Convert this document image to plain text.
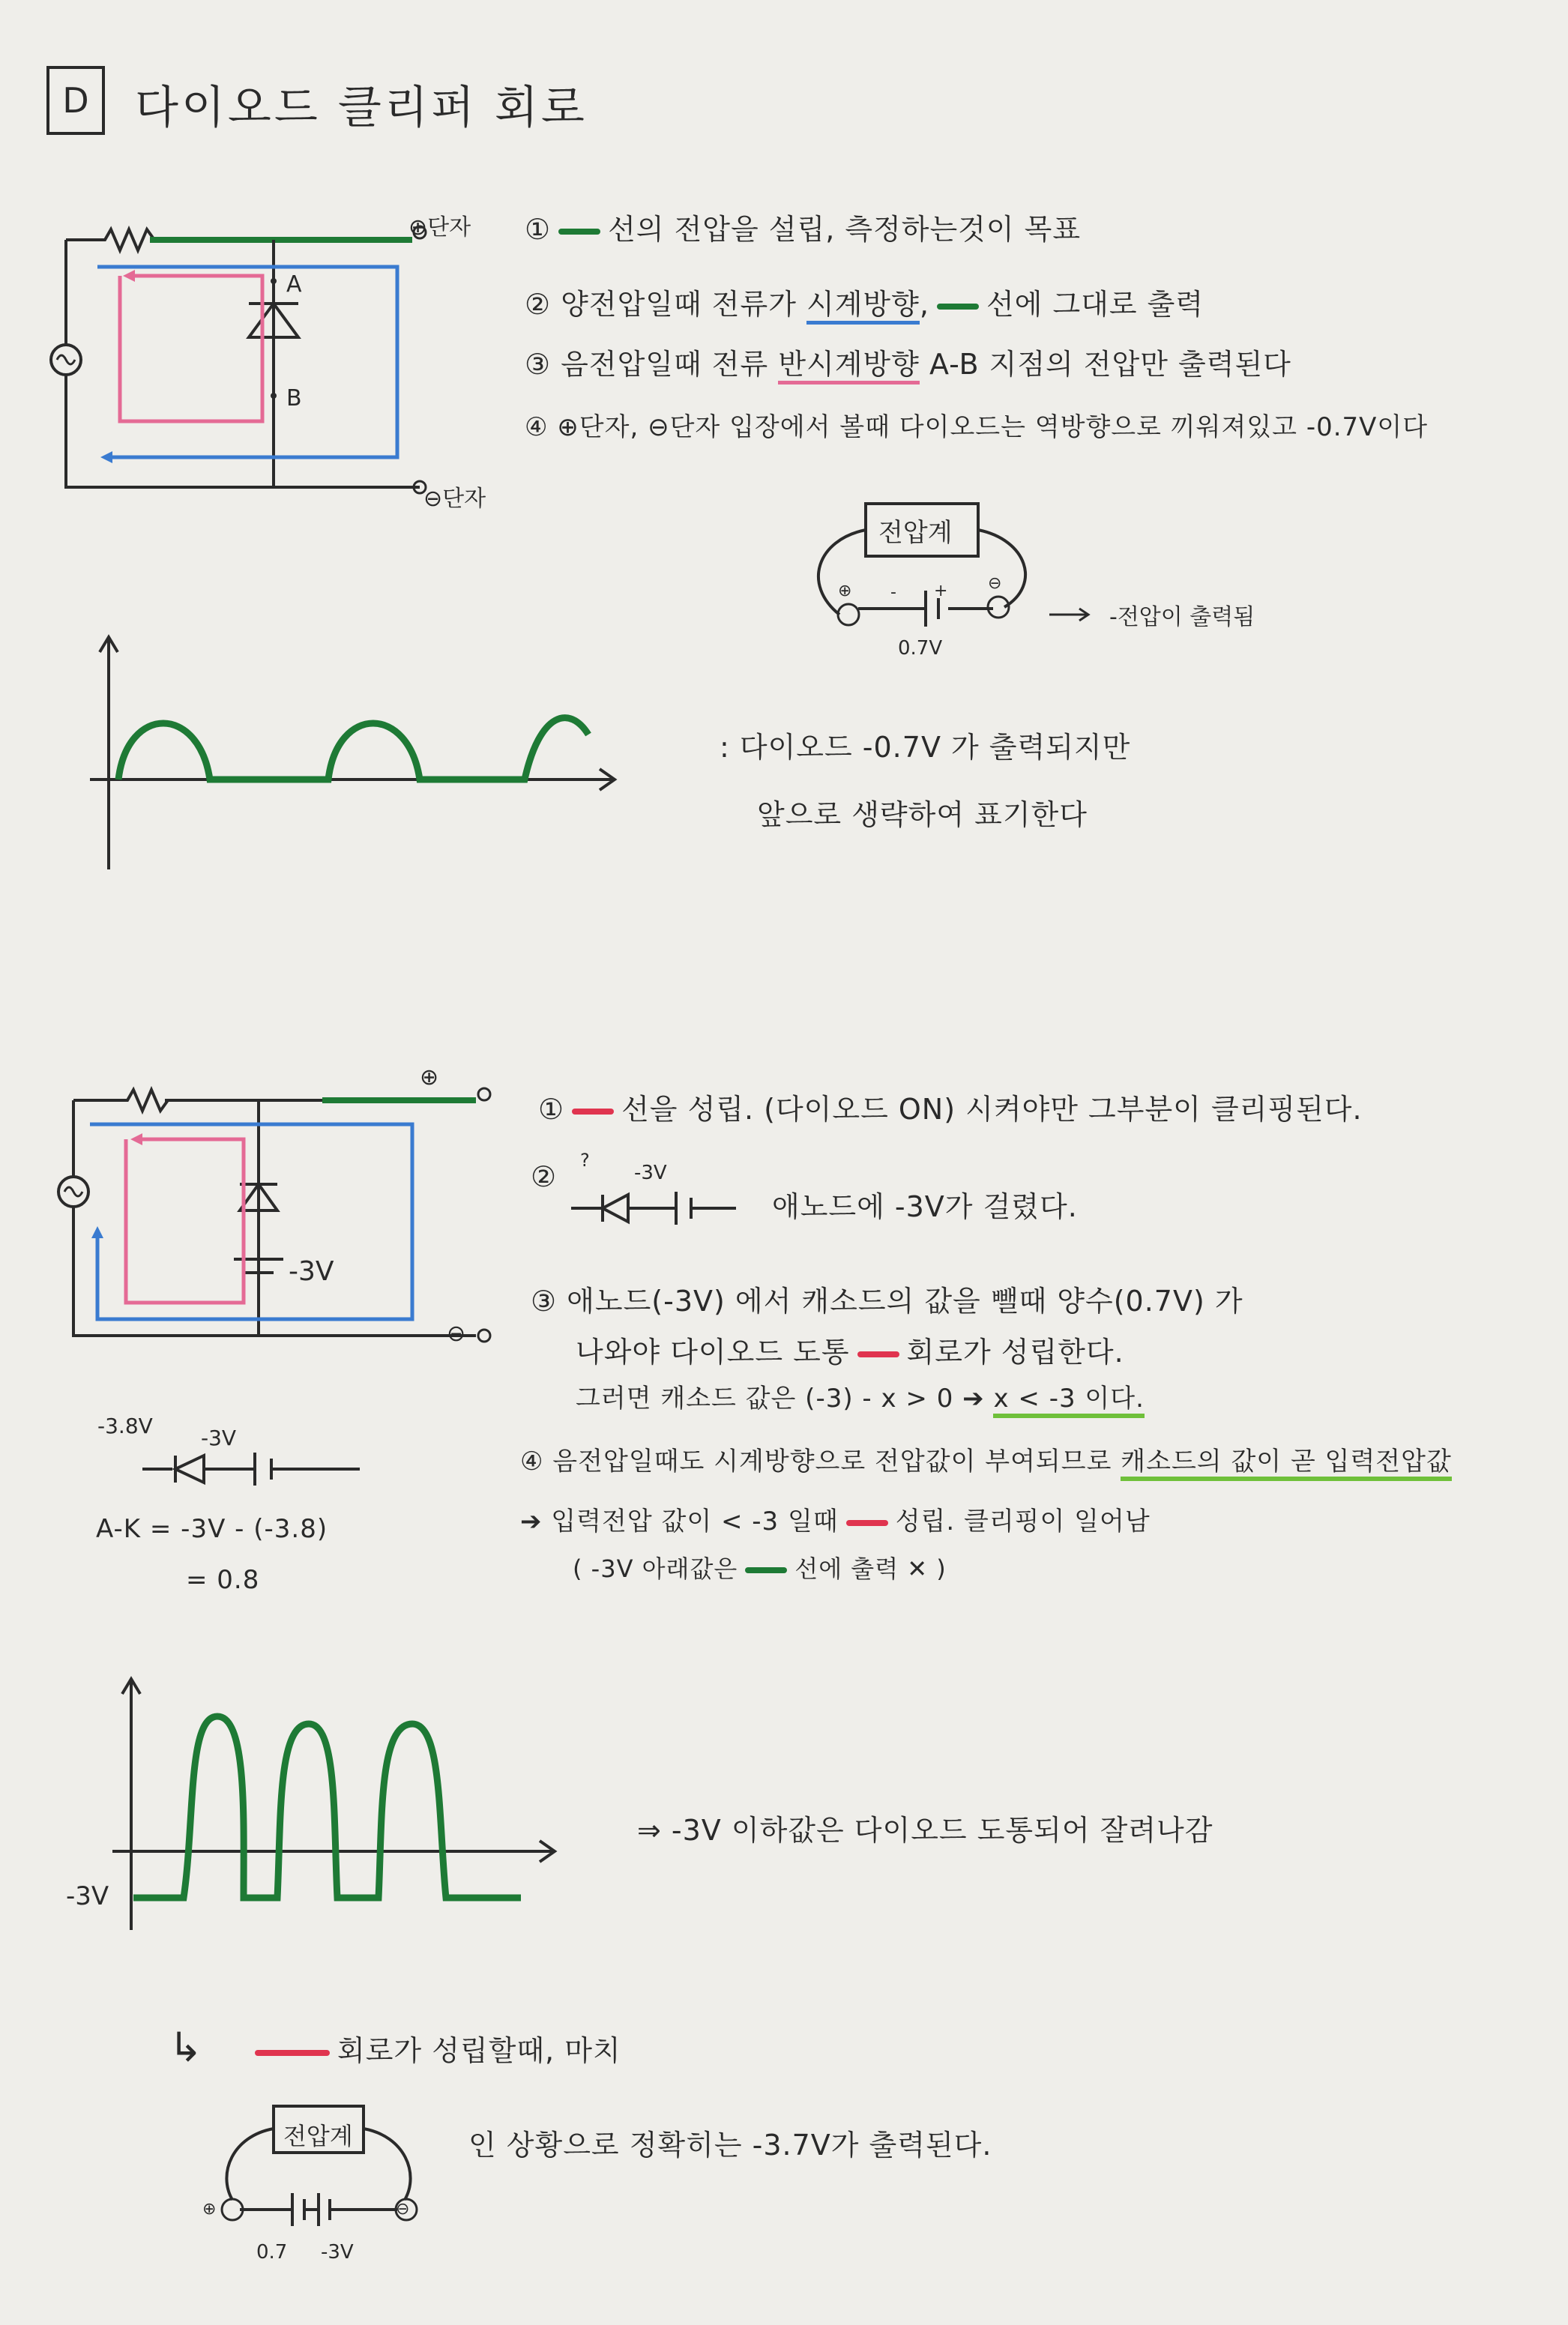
D 다이오드 클리퍼 회로
⊕단자
⊖단자
A
B
① 선의 전압을 설립, 측정하는것이 목표
② 양전압일때 전류가 시계방향, 선에 그대로 출력
③ 음전압일때 전류 반시계방향 A-B 지점의 전압만 출력된다
④ ⊕단자, ⊖단자 입장에서 볼때 다이오드는 역방향으로 끼워져있고 -0.7V이다
전압계
⊕	⊖
- +
0.7V
-전압이 출력됨
: 다이오드 -0.7V 가 출력되지만
앞으로 생략하여 표기한다
⊕
⊖
-3V
① 선을 성립. (다이오드 ON) 시켜야만 그부분이 클리핑된다.
② ?
-3V
애노드에 -3V가 걸렸다.
③ 애노드(-3V) 에서 캐소드의 값을 뺄때 양수(0.7V) 가
나와야 다이오드 도통 회로가 성립한다.
그러면 캐소드 값은 (-3) - x > 0 ➔ x < -3 이다.
④ 음전압일때도 시계방향으로 전압값이 부여되므로 캐소드의 값이 곧 입력전압값
➔ 입력전압 값이 < -3 일때 성립. 클리핑이 일어남
( -3V 아래값은 선에 출력 ✕ )
-3.8V -3V
A-K = -3V - (-3.8)
= 0.8
-3V
⇒ -3V 이하값은 다이오드 도통되어 잘려나감
↳	회로가 성립할때, 마치
전압계
⊕	⊖
0.7 -3V
인 상황으로 정확히는 -3.7V가 출력된다.
